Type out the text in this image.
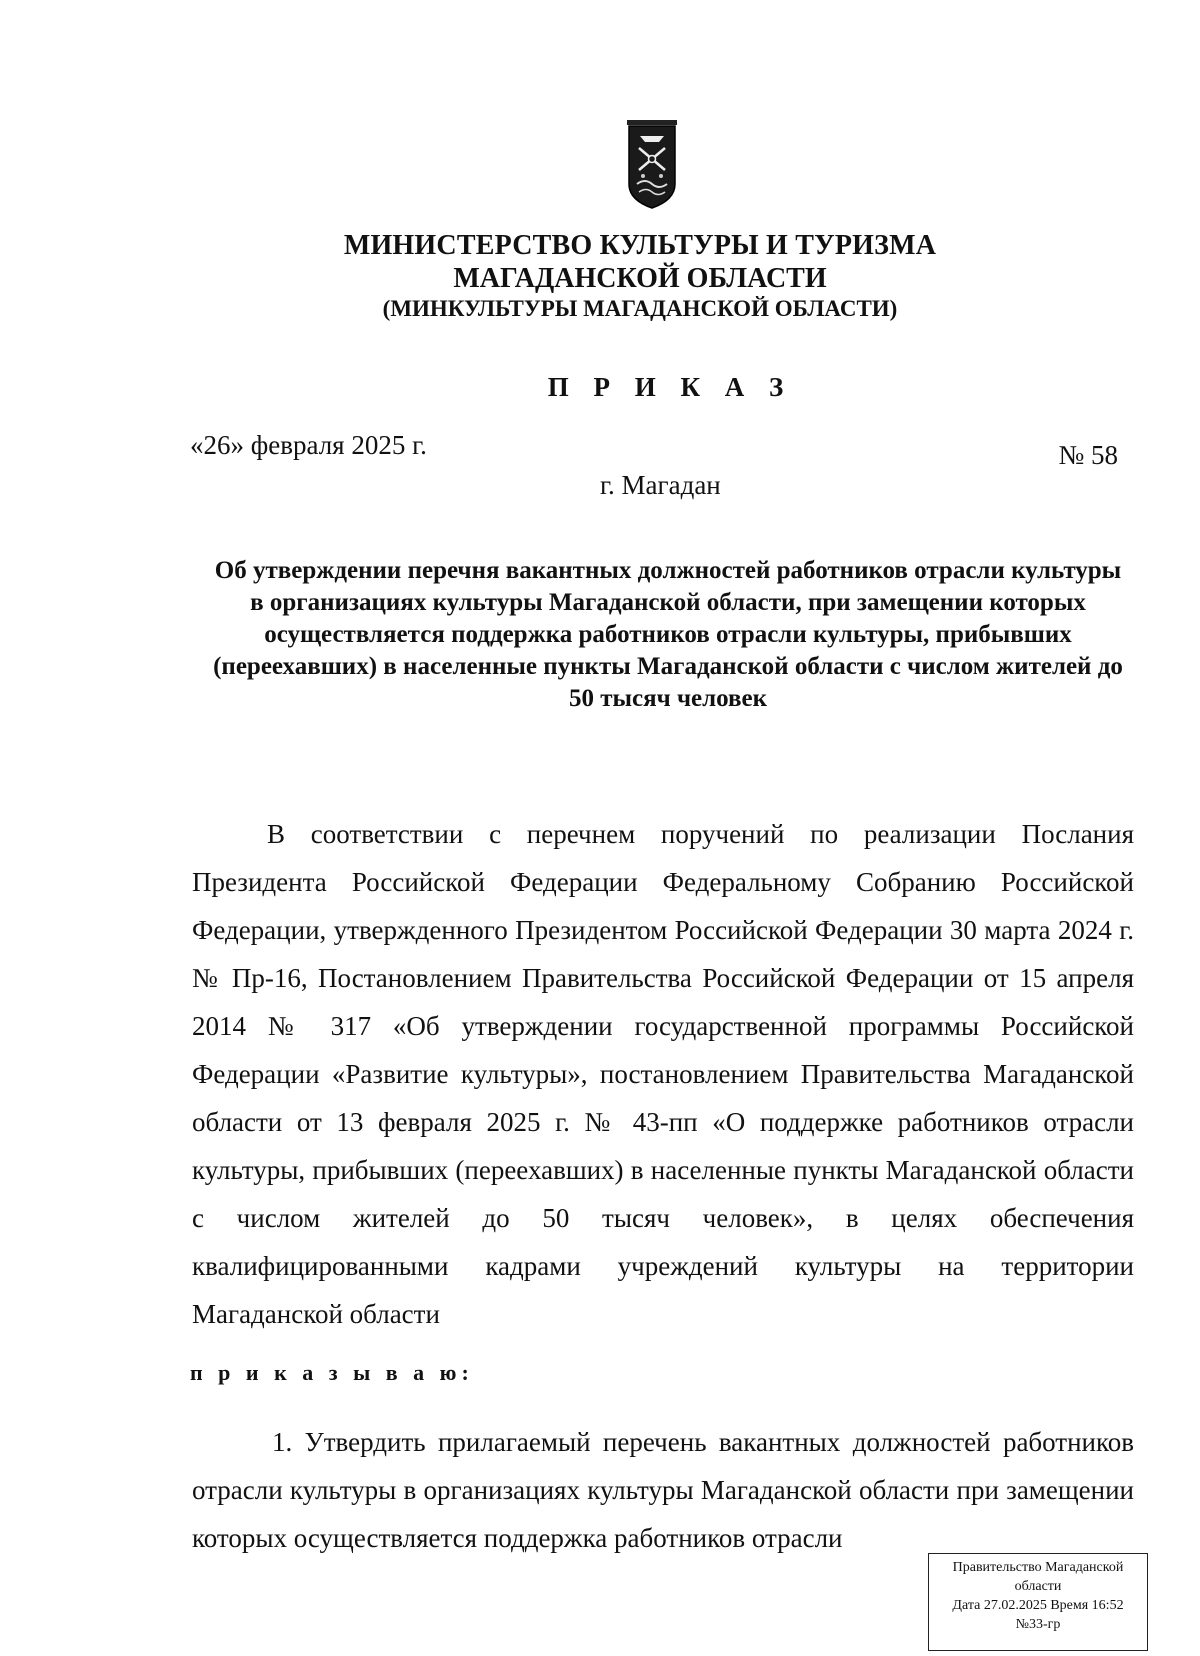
МИНИСТЕРСТВО КУЛЬТУРЫ И ТУРИЗМА
МАГАДАНСКОЙ ОБЛАСТИ
(МИНКУЛЬТУРЫ МАГАДАНСКОЙ ОБЛАСТИ)
П Р И К А З
«26» февраля 2025 г.	№ 58
г. Магадан
Об утверждении перечня вакантных должностей работников отрасли культуры в организациях культуры Магаданской области, при замещении которых осуществляется поддержка работников отрасли культуры, прибывших (переехавших) в населенные пункты Магаданской области с числом жителей до 50 тысяч человек
В соответствии с перечнем поручений по реализации Послания Президента Российской Федерации Федеральному Собранию Российской Федерации, утвержденного Президентом Российской Федерации 30 марта 2024 г. № Пр-16, Постановлением Правительства Российской Федерации от 15 апреля 2014 № 317 «Об утверждении государственной программы Российской Федерации «Развитие культуры», постановлением Правительства Магаданской области от 13 февраля 2025 г. № 43-пп «О поддержке работников отрасли культуры, прибывших (переехавших) в населенные пункты Магаданской области с числом жителей до 50 тысяч человек», в целях обеспечения квалифицированными кадрами учреждений культуры на территории Магаданской области
п р и к а з ы в а ю:
1. Утвердить прилагаемый перечень вакантных должностей работников отрасли культуры в организациях культуры Магаданской области при замещении которых осуществляется поддержка работников отрасли
Правительство Магаданской
области
Дата 27.02.2025 Время 16:52
№33-гр
